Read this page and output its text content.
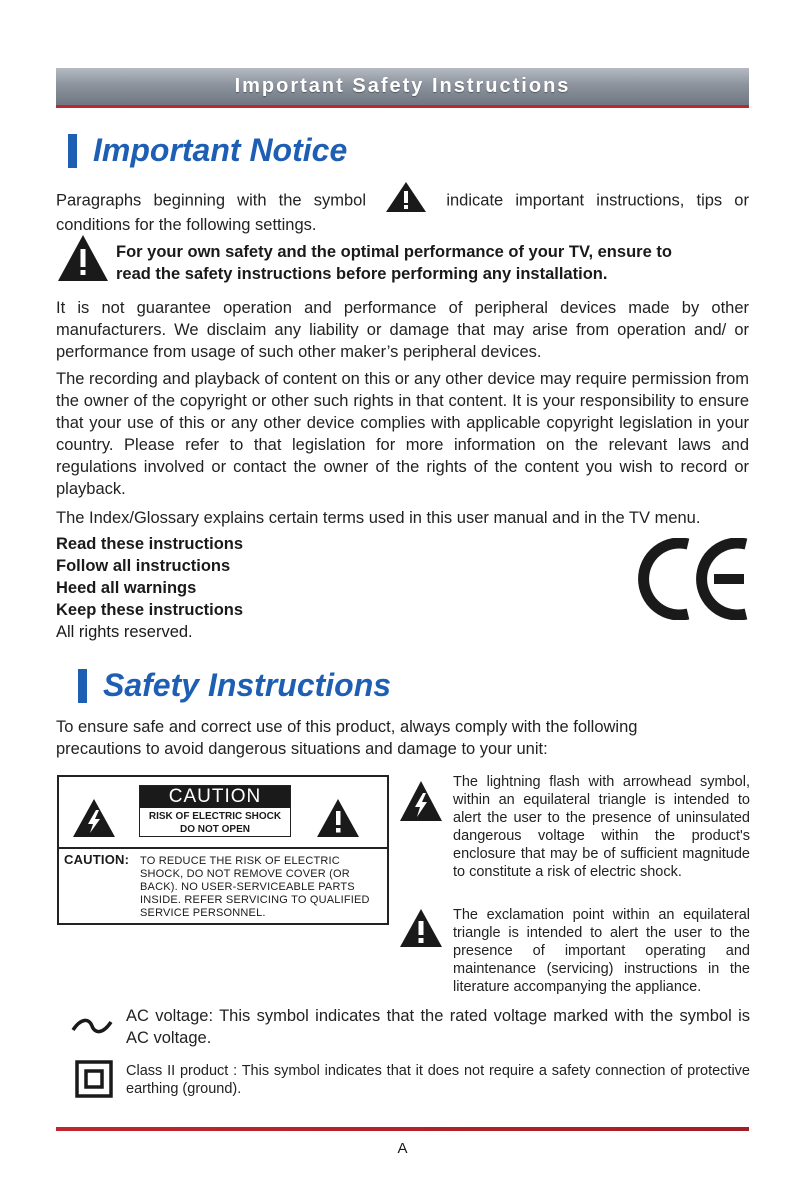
Important Safety Instructions
Important Notice
Paragraphs beginning with the symbol	indicate important instructions, tips or conditions for the following settings.
For your own safety and the optimal performance of your TV, ensure to
read the safety instructions before performing any installation.
It is not guarantee operation and performance of peripheral devices made by other manufacturers. We disclaim any liability or damage that may arise from operation and/ or performance from usage of such other maker’s peripheral devices.
The recording and playback of content on this or any other device may require permission from the owner of the copyright or other such rights in that content. It is your responsibility to ensure that your use of this or any other device complies with applicable copyright legislation in your country. Please refer to that legislation for more information on the relevant laws and regulations involved or contact the owner of the rights of the content you wish to record or playback.
The Index/Glossary explains certain terms used in this user manual and in the TV menu.
Read these instructions
Follow all instructions
Heed all warnings
Keep these instructions
All rights reserved.
Safety Instructions
To ensure safe and correct use of this product, always comply with the following precautions to avoid dangerous situations and damage to your unit:
CAUTION
RISK OF ELECTRIC SHOCK
DO NOT OPEN
CAUTION: TO REDUCE THE RISK OF ELECTRIC SHOCK, DO NOT REMOVE COVER (OR BACK). NO USER-SERVICEABLE PARTS INSIDE. REFER SERVICING TO QUALIFIED SERVICE PERSONNEL.
The lightning flash with arrowhead symbol, within an equilateral triangle is intended to alert the user to the presence of uninsulated dangerous voltage within the product's enclosure that may be of sufficient magnitude to constitute a risk of electric shock.
The exclamation point within an equilateral triangle is intended to alert the user to the presence of important operating and maintenance (servicing) instructions in the literature accompanying the appliance.
AC voltage: This symbol indicates that the rated voltage marked with the symbol is AC voltage.
Class II product : This symbol indicates that it does not require a safety connection of protective earthing (ground).
A
